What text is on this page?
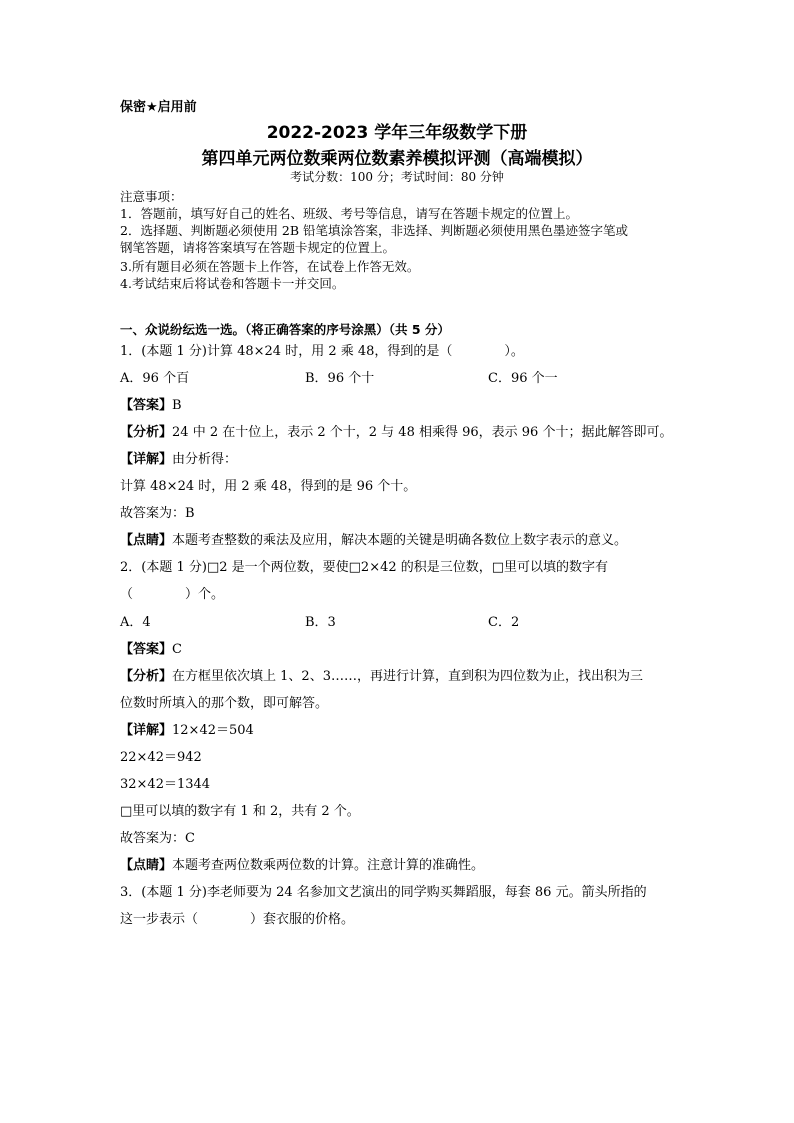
保密★启用前
2022-2023 学年三年级数学下册
第四单元两位数乘两位数素养模拟评测（高端模拟）
考试分数：100 分；考试时间：80 分钟
注意事项：
1．答题前，填写好自己的姓名、班级、考号等信息，请写在答题卡规定的位置上。
2．选择题、判断题必须使用 2B 铅笔填涂答案，非选择、判断题必须使用黑色墨迹签字笔或
钢笔答题，请将答案填写在答题卡规定的位置上。
3.所有题目必须在答题卡上作答，在试卷上作答无效。
4.考试结束后将试卷和答题卡一并交回。
一、众说纷纭选一选。（将正确答案的序号涂黑）（共 5 分）
1．(本题 1 分)计算 48×24 时，用 2 乘 48，得到的是（　　　　）。
A．96 个百	B．96 个十	C．96 个一
【答案】B
【分析】24 中 2 在十位上，表示 2 个十，2 与 48 相乘得 96，表示 96 个十；据此解答即可。
【详解】由分析得：
计算 48×24 时，用 2 乘 48，得到的是 96 个十。
故答案为：B
【点睛】本题考查整数的乘法及应用，解决本题的关键是明确各数位上数字表示的意义。
2．(本题 1 分)□2 是一个两位数，要使□2×42 的积是三位数，□里可以填的数字有
（　　　　）个。
A．4	B．3	C．2
【答案】C
【分析】在方框里依次填上 1、2、3……，再进行计算，直到积为四位数为止，找出积为三
位数时所填入的那个数，即可解答。
【详解】12×42＝504
22×42＝942
32×42＝1344
□里可以填的数字有 1 和 2，共有 2 个。
故答案为：C
【点睛】本题考查两位数乘两位数的计算。注意计算的准确性。
3．(本题 1 分)李老师要为 24 名参加文艺演出的同学购买舞蹈服，每套 86 元。箭头所指的
这一步表示（　　　　）套衣服的价格。
